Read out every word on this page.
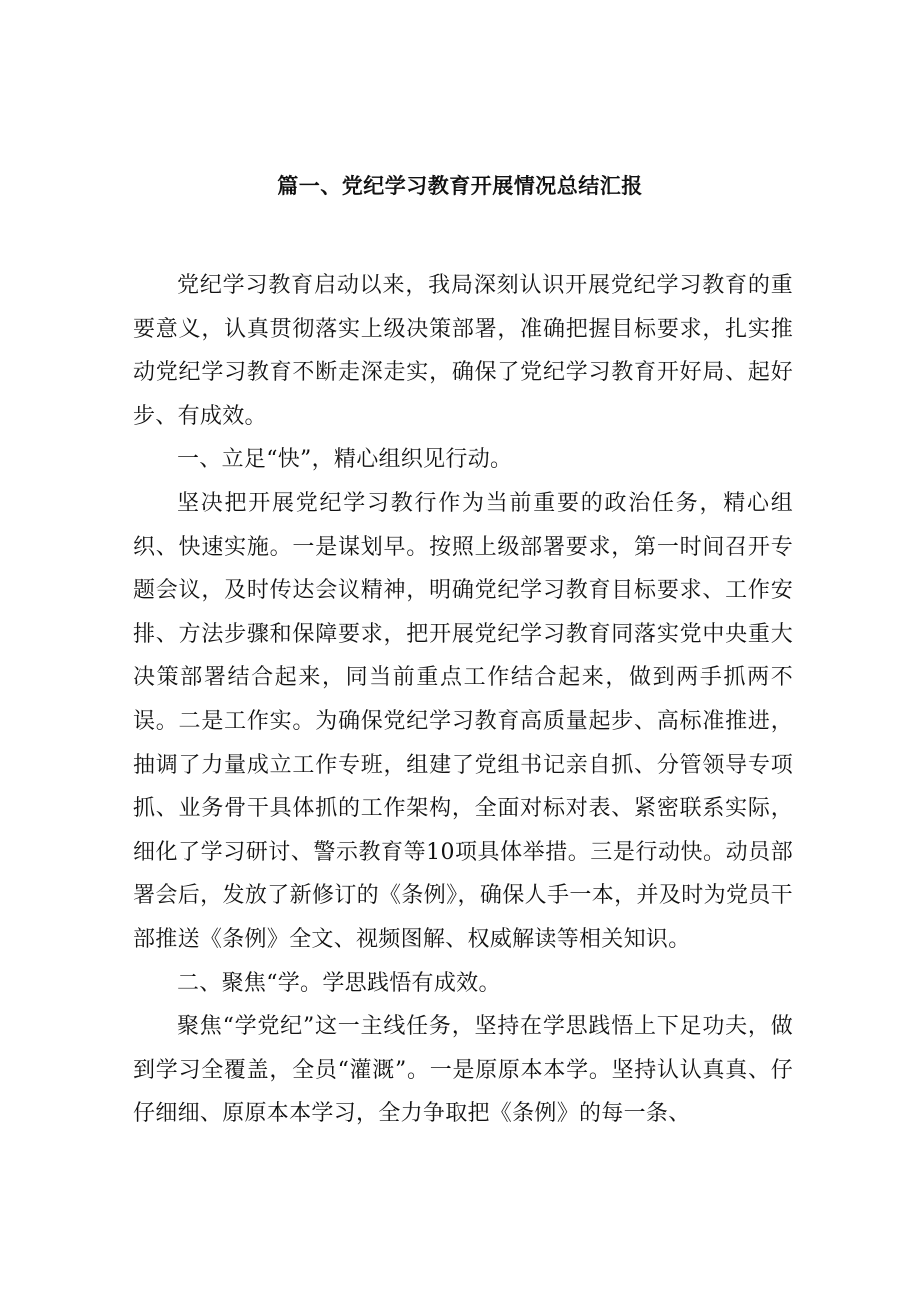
篇一、党纪学习教育开展情况总结汇报

党纪学习教育启动以来，我局深刻认识开展党纪学习教育的重要意义，认真贯彻落实上级决策部署，准确把握目标要求，扎实推动党纪学习教育不断走深走实，确保了党纪学习教育开好局、起好步、有成效。

一、立足“快”，精心组织见行动。

坚决把开展党纪学习教行作为当前重要的政治任务，精心组织、快速实施。一是谋划早。按照上级部署要求，第一时间召开专题会议，及时传达会议精神，明确党纪学习教育目标要求、工作安排、方法步骤和保障要求，把开展党纪学习教育同落实党中央重大决策部署结合起来，同当前重点工作结合起来，做到两手抓两不误。二是工作实。为确保党纪学习教育高质量起步、高标准推进，抽调了力量成立工作专班，组建了党组书记亲自抓、分管领导专项抓、业务骨干具体抓的工作架构，全面对标对表、紧密联系实际，细化了学习研讨、警示教育等10项具体举措。三是行动快。动员部署会后，发放了新修订的《条例》，确保人手一本，并及时为党员干部推送《条例》全文、视频图解、权威解读等相关知识。

二、聚焦“学。学思践悟有成效。

聚焦“学党纪”这一主线任务，坚持在学思践悟上下足功夫，做到学习全覆盖，全员“灌溉”。一是原原本本学。坚持认认真真、仔仔细细、原原本本学习，全力争取把《条例》的每一条、
